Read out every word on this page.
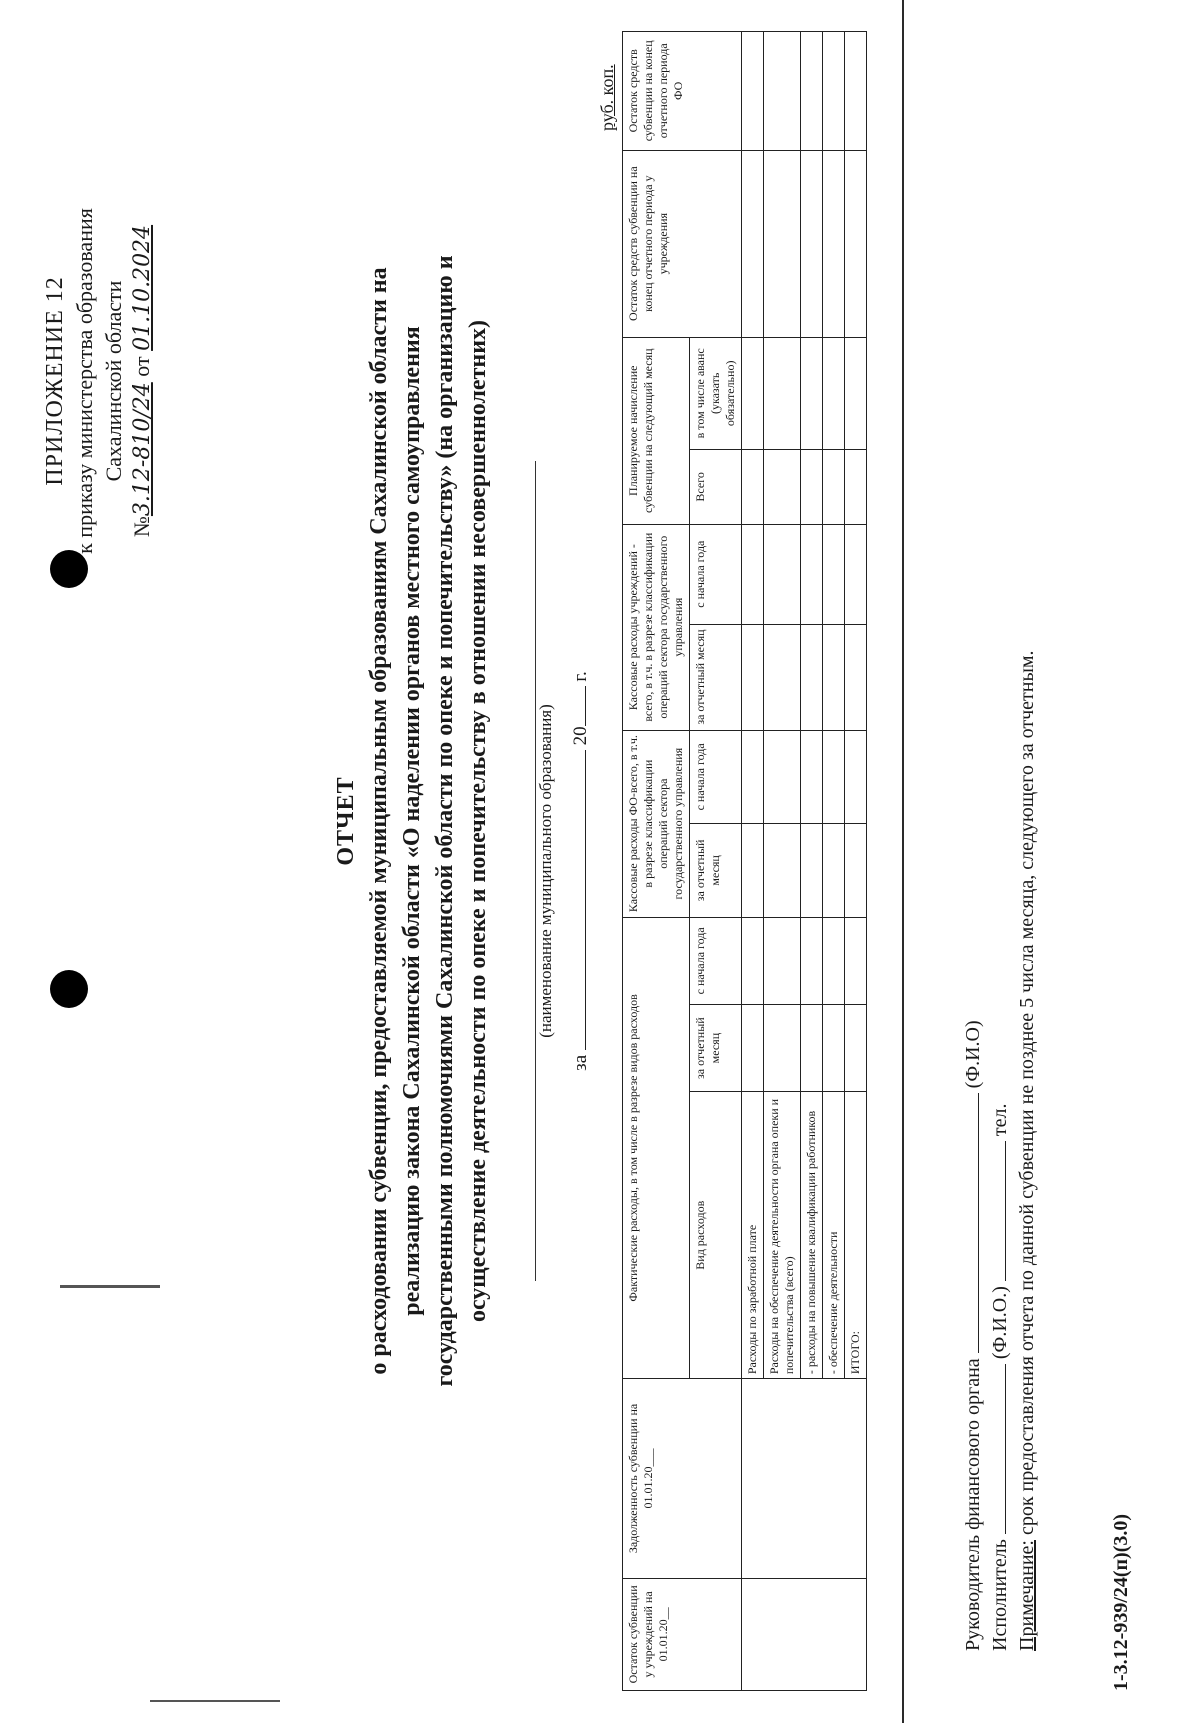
ПРИЛОЖЕНИЕ 12 к приказу министерства образования Сахалинской области
№3.12-810/24 от 01.10.2024
ОТЧЕТ о расходовании субвенции, предоставляемой муниципальным образованиям Сахалинской области на реализацию закона Сахалинской области «О наделении органов местного самоуправления государственными полномочиями Сахалинской области по опеке и попечительству» (на организацию и осуществление деятельности по опеке и попечительству в отношении несовершеннолетних)	(наименование муниципального образования)
за  20 г.
руб. коп.
Остаток субвенции у учреждений на 01.01.20__	Задолженность субвенции на 01.01.20___	Фактические расходы, в том числе в разрезе видов расходов			Кассовые расходы ФО-всего, в т.ч. в разрезе классификации операций сектора государственного управления		Кассовые расходы учреждений - всего, в т.ч. в разрезе классификации операций сектора государственного управления		Планируемое начисление субвенции на следующий месяц		Остаток средств субвенции на конец отчетного периода у учреждения	Остаток средств субвенции на конец отчетного периода ФО
		Вид расходов	за отчетный месяц	с начала года	за отчетный месяц	с начала года	за отчетный месяц	с начала года	Всего	в том числе аванс (указать обязательно)		
		Расходы по заработной плате										
		Расходы на обеспечение деятельности органа опеки и попечительства (всего)										
		- расходы на повышение квалификации работников										
		- обеспечение деятельности										
		ИТОГО:										
Руководитель финансового органа  (Ф.И.О)
Исполнитель  (Ф.И.О.)  тел.
Примечание: срок предоставления отчета по данной субвенции не позднее 5 числа месяца, следующего за отчетным.
1-3.12-939/24(п)(3.0)
